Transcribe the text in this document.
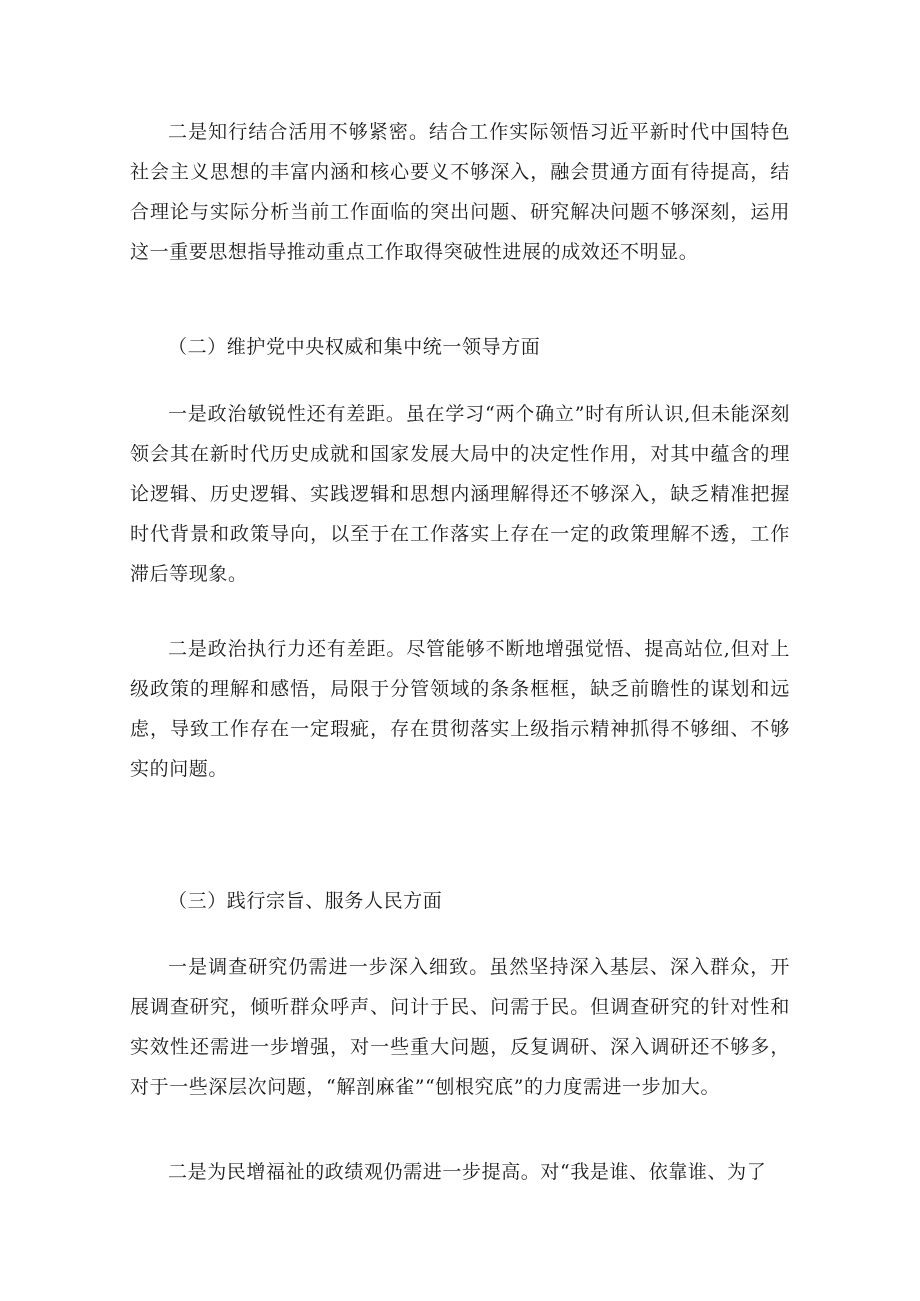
二是知行结合活用不够紧密。结合工作实际领悟习近平新时代中国特色社会主义思想的丰富内涵和核心要义不够深入，融会贯通方面有待提高，结合理论与实际分析当前工作面临的突出问题、研究解决问题不够深刻，运用这一重要思想指导推动重点工作取得突破性进展的成效还不明显。

（二）维护党中央权威和集中统一领导方面

一是政治敏锐性还有差距。虽在学习“两个确立”时有所认识,但未能深刻领会其在新时代历史成就和国家发展大局中的决定性作用，对其中蕴含的理论逻辑、历史逻辑、实践逻辑和思想内涵理解得还不够深入，缺乏精准把握时代背景和政策导向，以至于在工作落实上存在一定的政策理解不透，工作滞后等现象。

二是政治执行力还有差距。尽管能够不断地增强觉悟、提高站位,但对上级政策的理解和感悟，局限于分管领域的条条框框，缺乏前瞻性的谋划和远虑，导致工作存在一定瑕疵，存在贯彻落实上级指示精神抓得不够细、不够实的问题。

（三）践行宗旨、服务人民方面

一是调查研究仍需进一步深入细致。虽然坚持深入基层、深入群众，开展调查研究，倾听群众呼声、问计于民、问需于民。但调查研究的针对性和实效性还需进一步增强，对一些重大问题，反复调研、深入调研还不够多，对于一些深层次问题，“解剖麻雀”“刨根究底”的力度需进一步加大。

二是为民增福祉的政绩观仍需进一步提高。对“我是谁、依靠谁、为了
